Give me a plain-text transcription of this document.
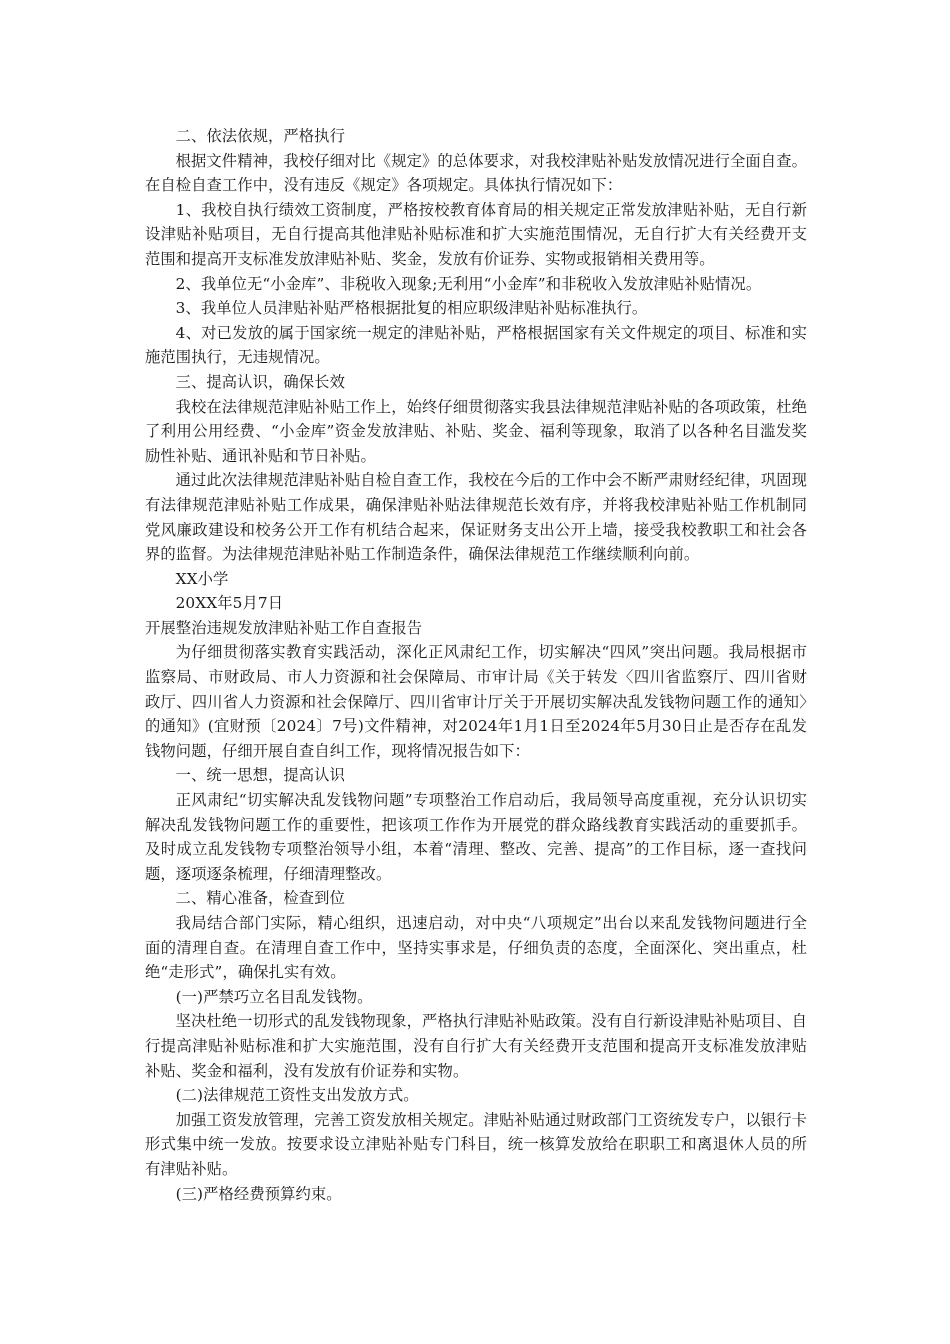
二、依法依规，严格执行

根据文件精神，我校仔细对比《规定》的总体要求，对我校津贴补贴发放情况进行全面自查。在自检自查工作中，没有违反《规定》各项规定。具体执行情况如下：

1、我校自执行绩效工资制度，严格按校教育体育局的相关规定正常发放津贴补贴，无自行新设津贴补贴项目，无自行提高其他津贴补贴标准和扩大实施范围情况，无自行扩大有关经费开支范围和提高开支标准发放津贴补贴、奖金，发放有价证券、实物或报销相关费用等。

2、我单位无“小金库”、非税收入现象;无利用“小金库”和非税收入发放津贴补贴情况。

3、我单位人员津贴补贴严格根据批复的相应职级津贴补贴标准执行。

4、对已发放的属于国家统一规定的津贴补贴，严格根据国家有关文件规定的项目、标准和实施范围执行，无违规情况。

三、提高认识，确保长效

我校在法律规范津贴补贴工作上，始终仔细贯彻落实我县法律规范津贴补贴的各项政策，杜绝了利用公用经费、“小金库”资金发放津贴、补贴、奖金、福利等现象，取消了以各种名目滥发奖励性补贴、通讯补贴和节日补贴。

通过此次法律规范津贴补贴自检自查工作，我校在今后的工作中会不断严肃财经纪律，巩固现有法律规范津贴补贴工作成果，确保津贴补贴法律规范长效有序，并将我校津贴补贴工作机制同党风廉政建设和校务公开工作有机结合起来，保证财务支出公开上墙，接受我校教职工和社会各界的监督。为法律规范津贴补贴工作制造条件，确保法律规范工作继续顺利向前。

XX小学

20XX年5月7日

开展整治违规发放津贴补贴工作自查报告

为仔细贯彻落实教育实践活动，深化正风肃纪工作，切实解决“四风”突出问题。我局根据市监察局、市财政局、市人力资源和社会保障局、市审计局《关于转发〈四川省监察厅、四川省财政厅、四川省人力资源和社会保障厅、四川省审计厅关于开展切实解决乱发钱物问题工作的通知〉的通知》(宜财预〔2024〕7号)文件精神，对2024年1月1日至2024年5月30日止是否存在乱发钱物问题，仔细开展自查自纠工作，现将情况报告如下：

一、统一思想，提高认识

正风肃纪“切实解决乱发钱物问题”专项整治工作启动后，我局领导高度重视，充分认识切实解决乱发钱物问题工作的重要性，把该项工作作为开展党的群众路线教育实践活动的重要抓手。及时成立乱发钱物专项整治领导小组，本着“清理、整改、完善、提高”的工作目标，逐一查找问题，逐项逐条梳理，仔细清理整改。

二、精心准备，检查到位

我局结合部门实际，精心组织，迅速启动，对中央“八项规定”出台以来乱发钱物问题进行全面的清理自查。在清理自查工作中，坚持实事求是，仔细负责的态度，全面深化、突出重点，杜绝“走形式”，确保扎实有效。

(一)严禁巧立名目乱发钱物。

坚决杜绝一切形式的乱发钱物现象，严格执行津贴补贴政策。没有自行新设津贴补贴项目、自行提高津贴补贴标准和扩大实施范围，没有自行扩大有关经费开支范围和提高开支标准发放津贴补贴、奖金和福利，没有发放有价证券和实物。

(二)法律规范工资性支出发放方式。

加强工资发放管理，完善工资发放相关规定。津贴补贴通过财政部门工资统发专户，以银行卡形式集中统一发放。按要求设立津贴补贴专门科目，统一核算发放给在职职工和离退休人员的所有津贴补贴。

(三)严格经费预算约束。
